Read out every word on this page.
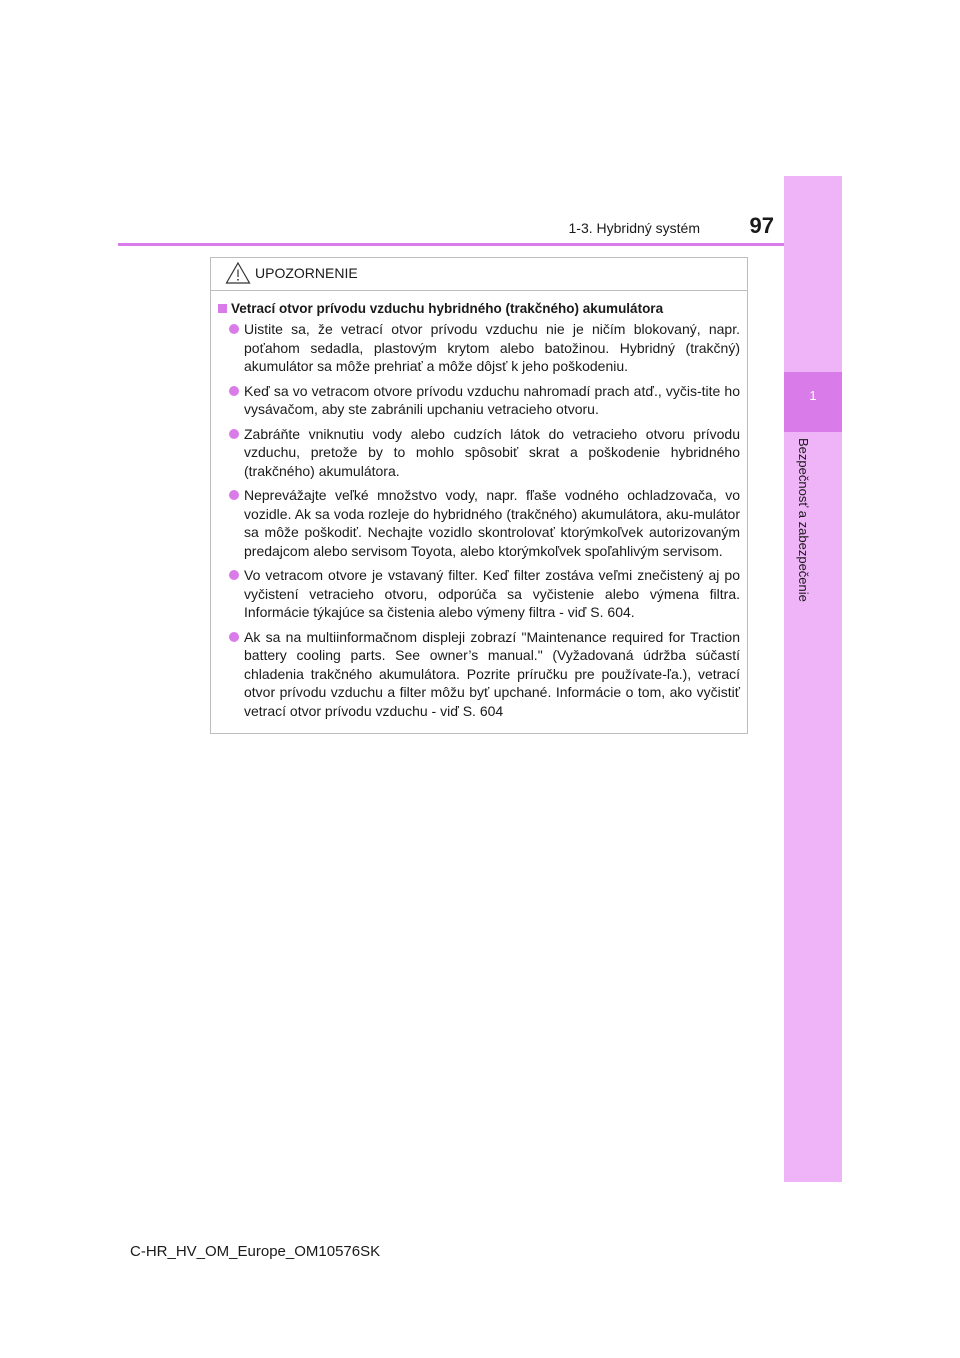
1
Bezpečnosť a zabezpečenie
1-3. Hybridný systém	97
UPOZORNENIE
Vetrací otvor prívodu vzduchu hybridného (trakčného) akumulátora
Uistite sa, že vetrací otvor prívodu vzduchu nie je ničím blokovaný, napr. poťahom sedadla, plastovým krytom alebo batožinou. Hybridný (trakčný) akumulátor sa môže prehriať a môže dôjsť k jeho poškodeniu.
Keď sa vo vetracom otvore prívodu vzduchu nahromadí prach atď., vyčis-tite ho vysávačom, aby ste zabránili upchaniu vetracieho otvoru.
Zabráňte vniknutiu vody alebo cudzích látok do vetracieho otvoru prívodu vzduchu, pretože by to mohlo spôsobiť skrat a poškodenie hybridného (trakčného) akumulátora.
Neprevážajte veľké množstvo vody, napr. fľaše vodného ochladzovača, vo vozidle. Ak sa voda rozleje do hybridného (trakčného) akumulátora, aku-mulátor sa môže poškodiť. Nechajte vozidlo skontrolovať ktorýmkoľvek autorizovaným predajcom alebo servisom Toyota, alebo ktorýmkoľvek spoľahlivým servisom.
Vo vetracom otvore je vstavaný filter. Keď filter zostáva veľmi znečistený aj po vyčistení vetracieho otvoru, odporúča sa vyčistenie alebo výmena filtra. Informácie týkajúce sa čistenia alebo výmeny filtra - viď S. 604.
Ak sa na multiinformačnom displeji zobrazí "Maintenance required for Traction battery cooling parts. See owner’s manual." (Vyžadovaná údržba súčastí chladenia trakčného akumulátora. Pozrite príručku pre používate-ľa.), vetrací otvor prívodu vzduchu a filter môžu byť upchané. Informácie o tom, ako vyčistiť vetrací otvor prívodu vzduchu - viď S. 604
C-HR_HV_OM_Europe_OM10576SK
